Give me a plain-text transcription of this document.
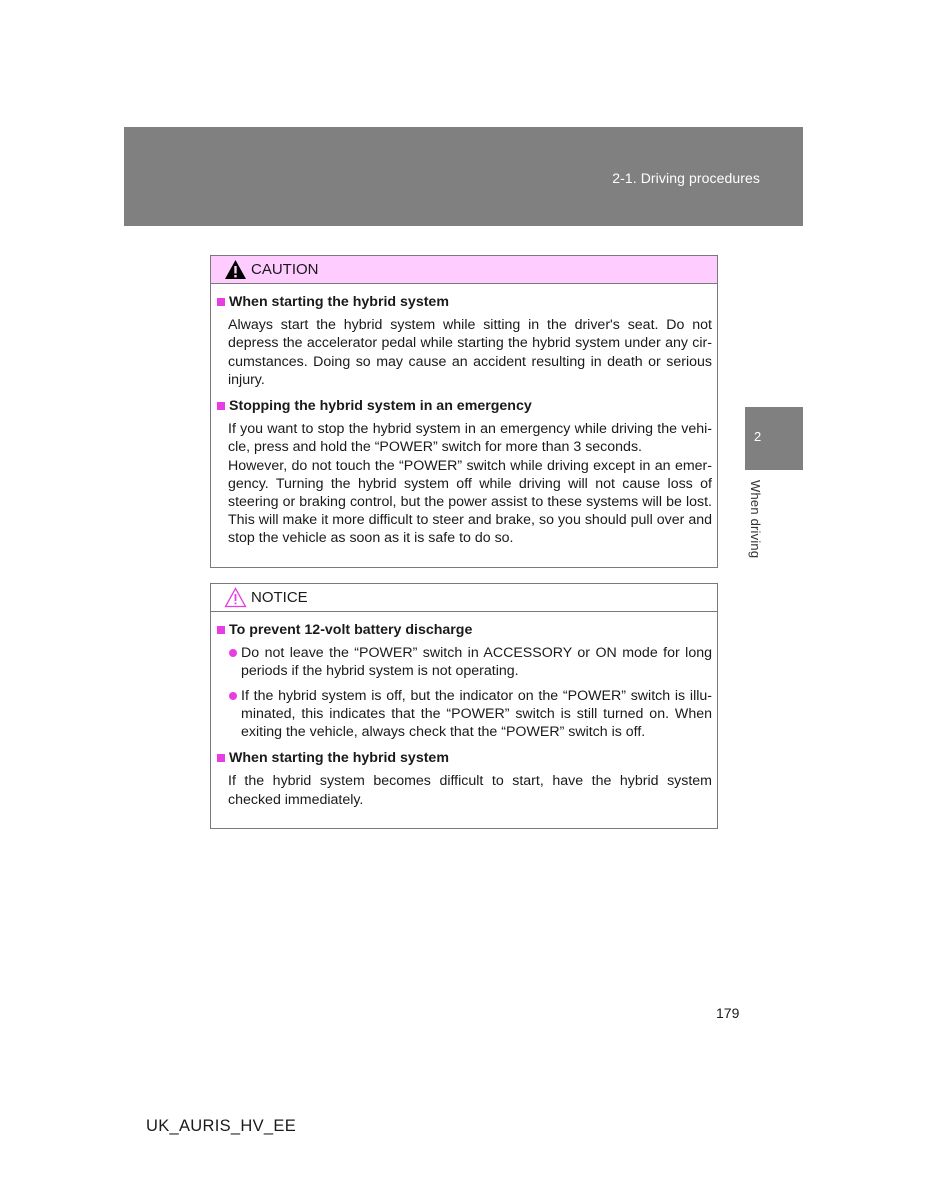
2-1. Driving procedures
2
When driving
CAUTION
When starting the hybrid system
Always start the hybrid system while sitting in the driver's seat. Do not depress the accelerator pedal while starting the hybrid system under any cir-cumstances. Doing so may cause an accident resulting in death or serious injury.
Stopping the hybrid system in an emergency
If you want to stop the hybrid system in an emergency while driving the vehi-cle, press and hold the “POWER” switch for more than 3 seconds.
However, do not touch the “POWER” switch while driving except in an emer-gency. Turning the hybrid system off while driving will not cause loss of steering or braking control, but the power assist to these systems will be lost. This will make it more difficult to steer and brake, so you should pull over and stop the vehicle as soon as it is safe to do so.
NOTICE
To prevent 12-volt battery discharge
Do not leave the “POWER” switch in ACCESSORY or ON mode for long periods if the hybrid system is not operating.
If the hybrid system is off, but the indicator on the “POWER” switch is illu-minated, this indicates that the “POWER” switch is still turned on. When exiting the vehicle, always check that the “POWER” switch is off.
When starting the hybrid system
If the hybrid system becomes difficult to start, have the hybrid system checked immediately.
179
UK_AURIS_HV_EE
